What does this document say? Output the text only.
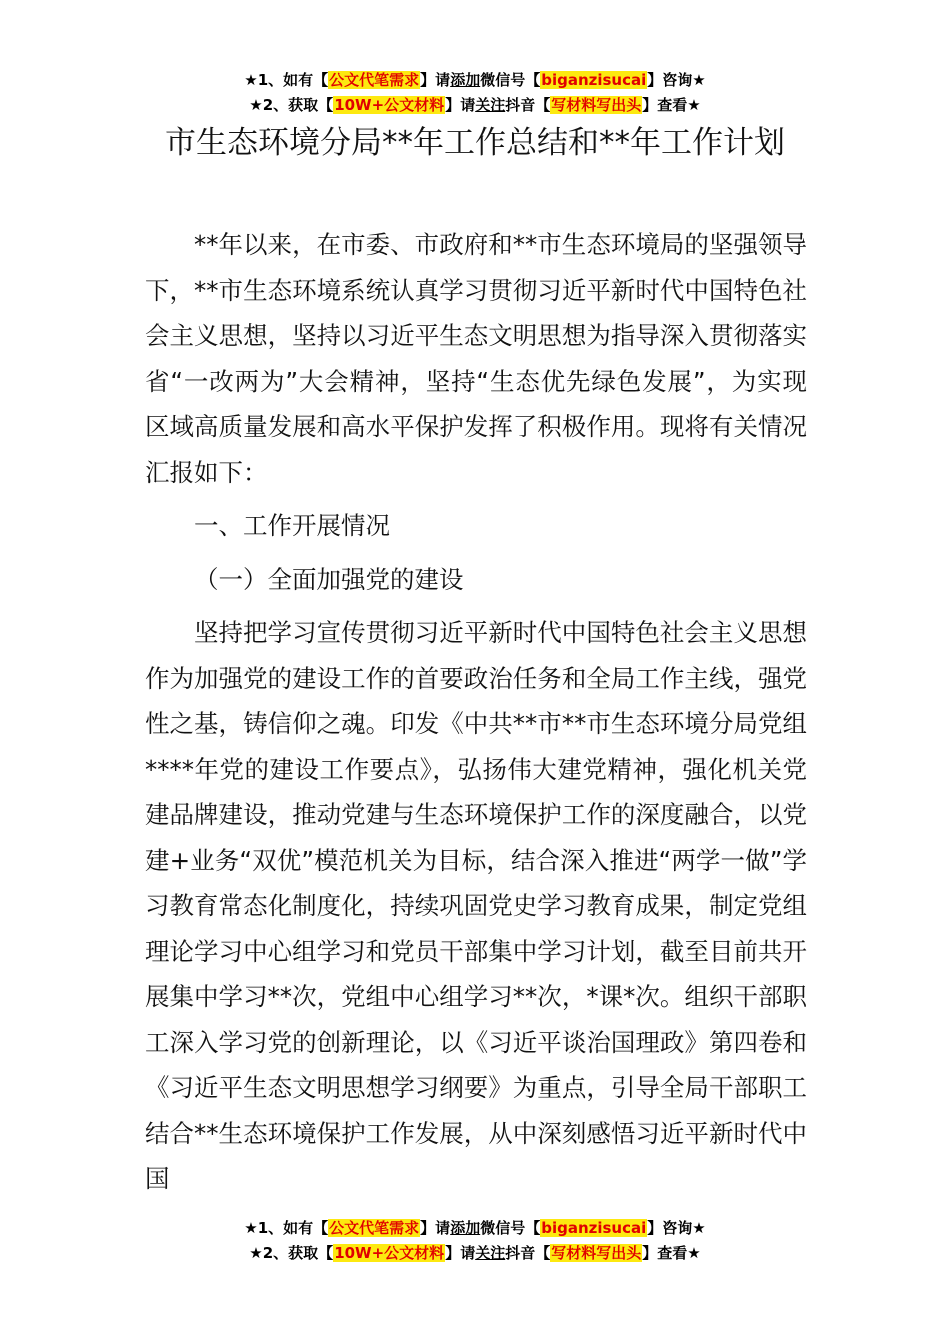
★1、如有【公文代笔需求】请添加微信号【biganzisucai】咨询★
★2、获取【10W+公文材料】请关注抖音【写材料写出头】查看★
市生态环境分局**年工作总结和**年工作计划

**年以来，在市委、市政府和**市生态环境局的坚强领导下，**市生态环境系统认真学习贯彻习近平新时代中国特色社会主义思想，坚持以习近平生态文明思想为指导深入贯彻落实省“一改两为”大会精神，坚持“生态优先绿色发展”，为实现区域高质量发展和高水平保护发挥了积极作用。现将有关情况汇报如下：

一、工作开展情况

（一）全面加强党的建设

坚持把学习宣传贯彻习近平新时代中国特色社会主义思想作为加强党的建设工作的首要政治任务和全局工作主线，强党性之基，铸信仰之魂。印发《中共**市**市生态环境分局党组****年党的建设工作要点》，弘扬伟大建党精神，强化机关党建品牌建设，推动党建与生态环境保护工作的深度融合，以党建+业务“双优”模范机关为目标，结合深入推进“两学一做”学习教育常态化制度化，持续巩固党史学习教育成果，制定党组理论学习中心组学习和党员干部集中学习计划，截至目前共开展集中学习**次，党组中心组学习**次，*课*次。组织干部职工深入学习党的创新理论，以《习近平谈治国理政》第四卷和《习近平生态文明思想学习纲要》为重点，引导全局干部职工结合**生态环境保护工作发展，从中深刻感悟习近平新时代中国

★1、如有【公文代笔需求】请添加微信号【biganzisucai】咨询★
★2、获取【10W+公文材料】请关注抖音【写材料写出头】查看★
